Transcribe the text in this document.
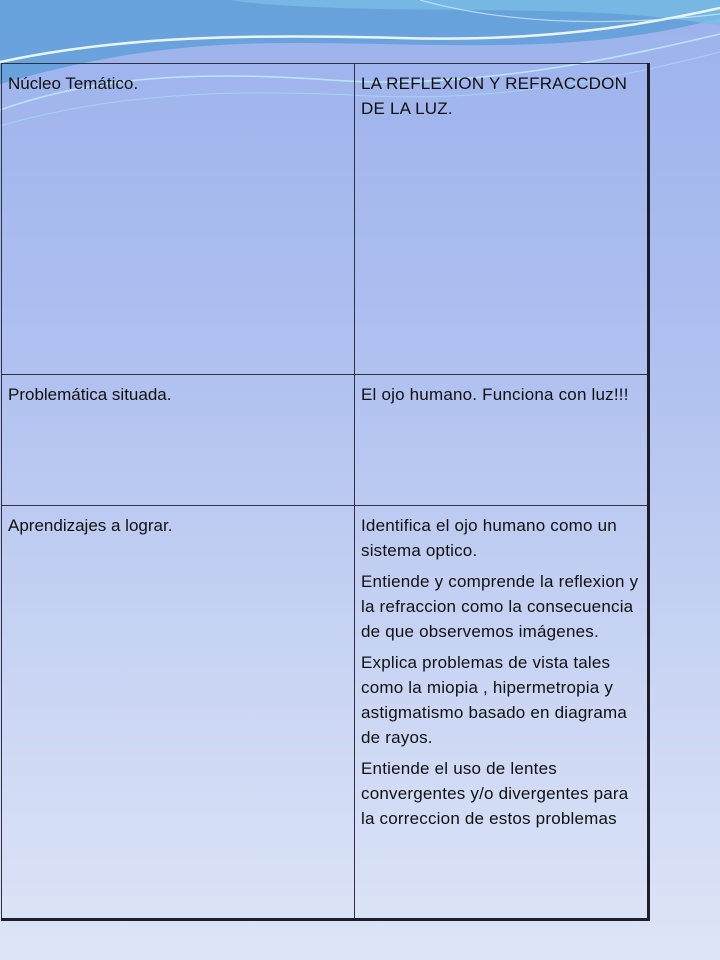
Núcleo Temático.	LA REFLEXION Y REFRACCDON DE LA LUZ.

Problemática situada.	El ojo humano. Funciona con luz!!!

Aprendizajes a lograr.	Identifica el ojo humano como un sistema optico.

Entiende y comprende la reflexion y la refraccion como la consecuencia de que observemos imágenes.

Explica problemas de vista tales como la miopia , hipermetropia y astigmatismo basado en diagrama de rayos.

Entiende el uso de lentes convergentes y/o divergentes para la correccion de estos problemas
